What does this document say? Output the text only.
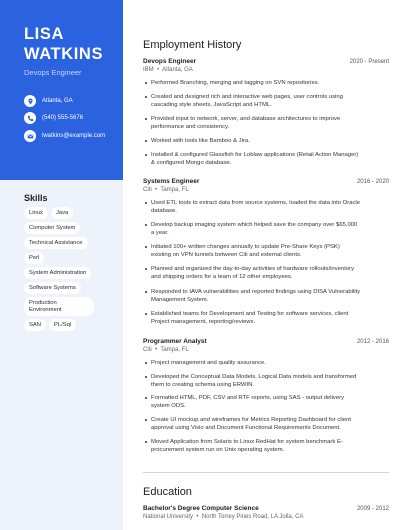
LISA
WATKINS
Devops Engineer
Atlanta, GA
(540) 555-5676
lwatkins@example.com
Skills
Linux	Java
Computer System
Technical Assistance
Perl
System Administration
Software Systems
Production Environment
SAN	PL/Sql
Employment History
Devops Engineer	2020 - Present
IBM  •  Atlanta, GA
Performed Branching, merging and tagging on SVN repositories.
Created and designed rich and interactive web pages, user controls using cascading style sheets, JavaScript and HTML.
Provided input to network, server, and database architectures to improve performance and consistency.
Worked with tools like Bamboo & Jira.
Installed & configured Glassfish for Loblaw applications (Retail Action Manager) & configured Mongo database.
Systems Engineer	2016 - 2020
Citi  •  Tampa, FL
Used ETL tools to extract data from source systems, loaded the data into Oracle database.
Develop backup imaging system which helped save the company over $65,000 a year.
Initiated 100+ written changes annually to update Pre-Share Keys (PSK) existing on VPN tunnels between Citi and external clients.
Planned and organized the day-to-day activities of hardware rollouts/inventory and shipping orders for a team of 12 other employees.
Responded to IAVA vulnerabilities and reported findings using DISA Vulnerability Management System.
Established teams for Development and Testing for software services, client Project management, reporting/reviews.
Programmer Analyst	2012 - 2016
Citi  •  Tampa, FL
Project management and quality assurance.
Developed the Conceptual Data Models, Logical Data models and transformed them to creating schema using ERWIN.
Formatted HTML, PDF, CSV and RTF reports, using SAS - output delivery system ODS.
Create UI mockup and wireframes for Metrics Reporting Dashboard for client approval using Visio and Document Functional Requirements Document.
Moved Application from Solaris to Linux RedHat for system benchmark E-procurement system run on Unix operating system.
Education
Bachelor's Degree Computer Science	2009 - 2012
National University  •  North Torrey Pines Road, LA Jolla, CA
